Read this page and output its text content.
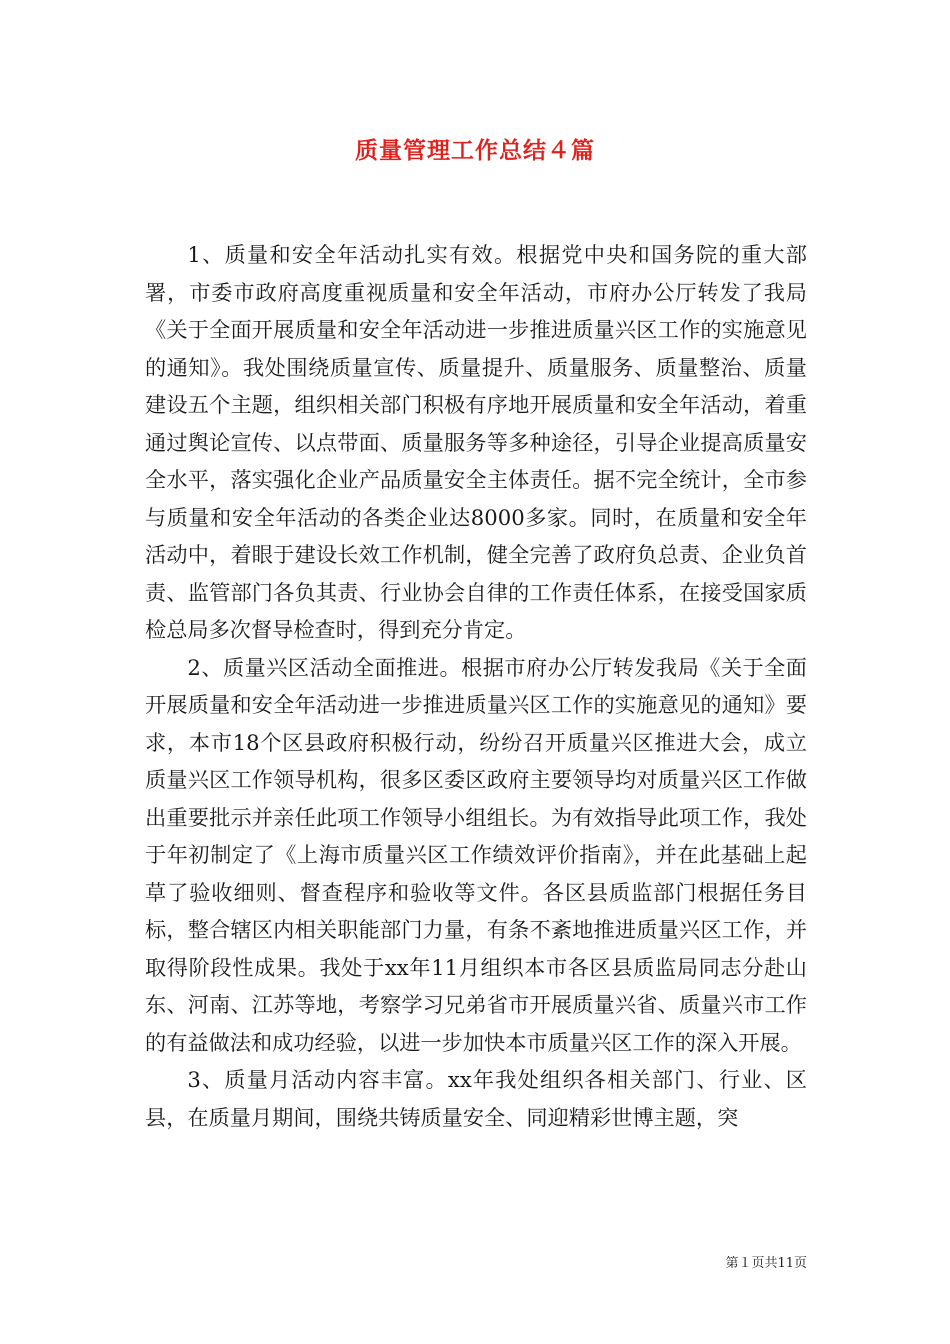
质量管理工作总结４篇

1、质量和安全年活动扎实有效。根据党中央和国务院的重大部署，市委市政府高度重视质量和安全年活动，市府办公厅转发了我局《关于全面开展质量和安全年活动进一步推进质量兴区工作的实施意见的通知》。我处围绕质量宣传、质量提升、质量服务、质量整治、质量建设五个主题，组织相关部门积极有序地开展质量和安全年活动，着重通过舆论宣传、以点带面、质量服务等多种途径，引导企业提高质量安全水平，落实强化企业产品质量安全主体责任。据不完全统计，全市参与质量和安全年活动的各类企业达8000多家。同时，在质量和安全年活动中，着眼于建设长效工作机制，健全完善了政府负总责、企业负首责、监管部门各负其责、行业协会自律的工作责任体系，在接受国家质检总局多次督导检查时，得到充分肯定。

2、质量兴区活动全面推进。根据市府办公厅转发我局《关于全面开展质量和安全年活动进一步推进质量兴区工作的实施意见的通知》要求，本市18个区县政府积极行动，纷纷召开质量兴区推进大会，成立质量兴区工作领导机构，很多区委区政府主要领导均对质量兴区工作做出重要批示并亲任此项工作领导小组组长。为有效指导此项工作，我处于年初制定了《上海市质量兴区工作绩效评价指南》，并在此基础上起草了验收细则、督查程序和验收等文件。各区县质监部门根据任务目标，整合辖区内相关职能部门力量，有条不紊地推进质量兴区工作，并取得阶段性成果。我处于xx年11月组织本市各区县质监局同志分赴山东、河南、江苏等地，考察学习兄弟省市开展质量兴省、质量兴市工作的有益做法和成功经验，以进一步加快本市质量兴区工作的深入开展。

3、质量月活动内容丰富。xx年我处组织各相关部门、行业、区县，在质量月期间，围绕共铸质量安全、同迎精彩世博主题，突

第１页共11页
